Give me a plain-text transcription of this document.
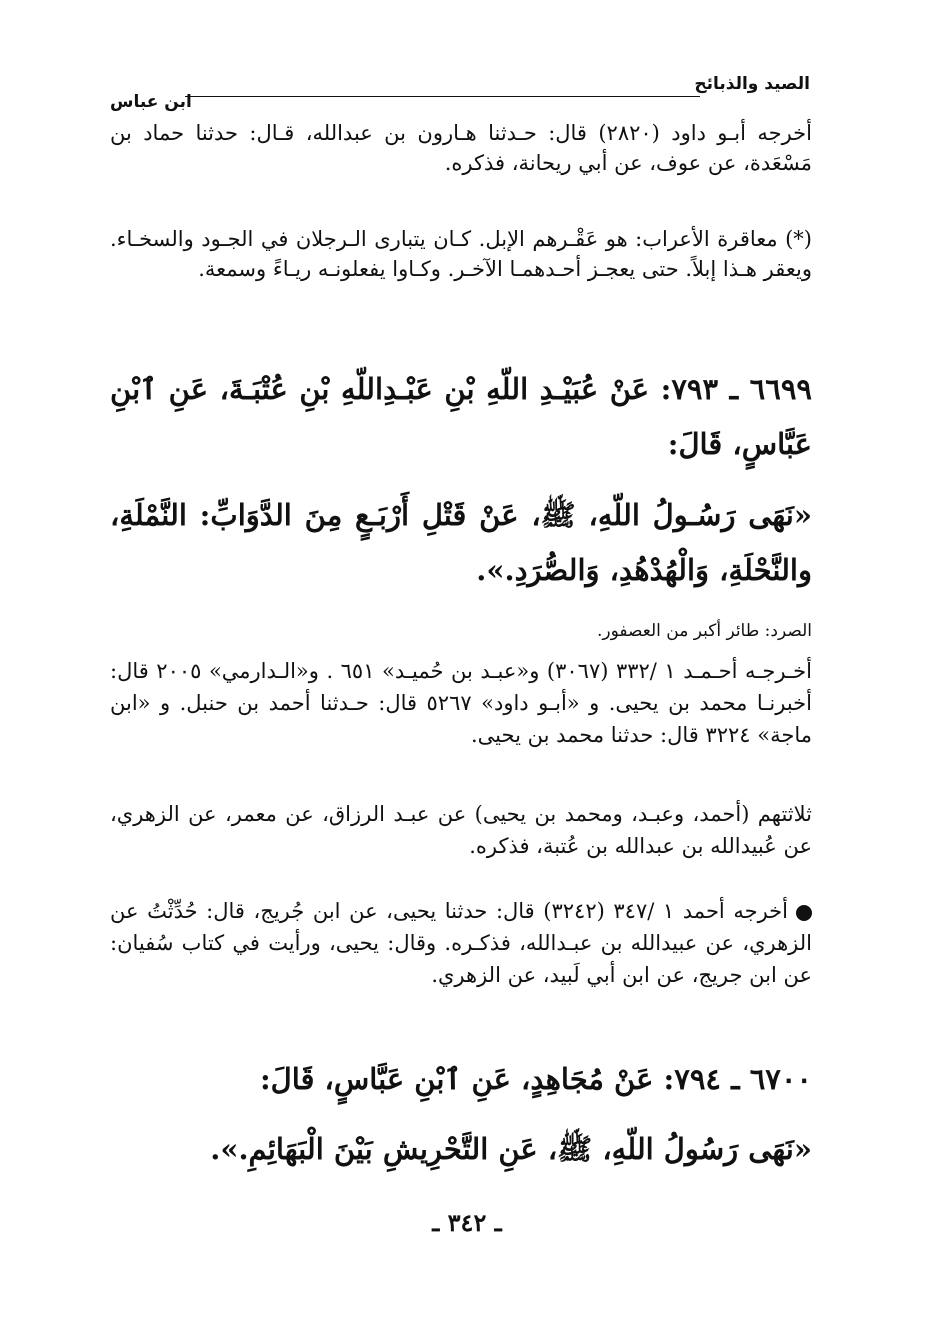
الصيد والذبائح
ابن عباس

أخرجه أبـو داود (٢٨٢٠) قال: حـدثنا هـارون بن عبدالله، قـال: حدثنا حماد بن مَسْعَدة، عن عوف، عن أبي ريحانة، فذكره.

(*) معاقرة الأعراب: هو عَقْـرهم الإبل. كـان يتبارى الـرجلان في الجـود والسخـاء. ويعقر هـذا إبلاً. حتى يعجـز أحـدهمـا الآخـر. وكـاوا يفعلونـه ريـاءً وسمعة.

٦٦٩٩ ـ ٧٩٣: عَنْ عُبَيْـدِ اللّهِ بْنِ عَبْـدِاللّهِ بْنِ عُتْبَـةَ، عَنِ ٱبْنِ عَبَّاسٍ، قَالَ:

«نَهَى رَسُـولُ اللّهِ، ﷺ، عَنْ قَتْلِ أَرْبَـعٍ مِنَ الدَّوَابِّ: النَّمْلَةِ، والنَّحْلَةِ، وَالْهُدْهُدِ، وَالصُّرَدِ.».

الصرد: طائر أكبر من العصفور.

أخـرجـه أحـمـد ١ /٣٣٢ (٣٠٦٧) و«عبـد بن حُميـد» ٦٥١ . و«الـدارمي» ٢٠٠٥ قال: أخبرنـا محمد بن يحيى. و «أبـو داود» ٥٢٦٧ قال: حـدثنا أحمد بن حنبل. و «ابن ماجة» ٣٢٢٤ قال: حدثنا محمد بن يحيى.

ثلاثتهم (أحمد، وعبـد، ومحمد بن يحيى) عن عبـد الرزاق، عن معمر، عن الزهري، عن عُبيدالله بن عبدالله بن عُتبة، فذكره.

أخرجه أحمد ١ /٣٤٧ (٣٢٤٢) قال: حدثنا يحيى، عن ابن جُريج، قال: حُدِّثْتُ عن الزهري، عن عبيدالله بن عبـدالله، فذكـره. وقال: يحيى، ورأيت في كتاب سُفيان: عن ابن جريج، عن ابن أبي لَبيد، عن الزهري.

٦٧٠٠ ـ ٧٩٤: عَنْ مُجَاهِدٍ، عَنِ ٱبْنِ عَبَّاسٍ، قَالَ:

«نَهَى رَسُولُ اللّهِ، ﷺ، عَنِ التَّحْرِيشِ بَيْنَ الْبَهَائِمِ.».

ـ ٣٤٢ ـ
